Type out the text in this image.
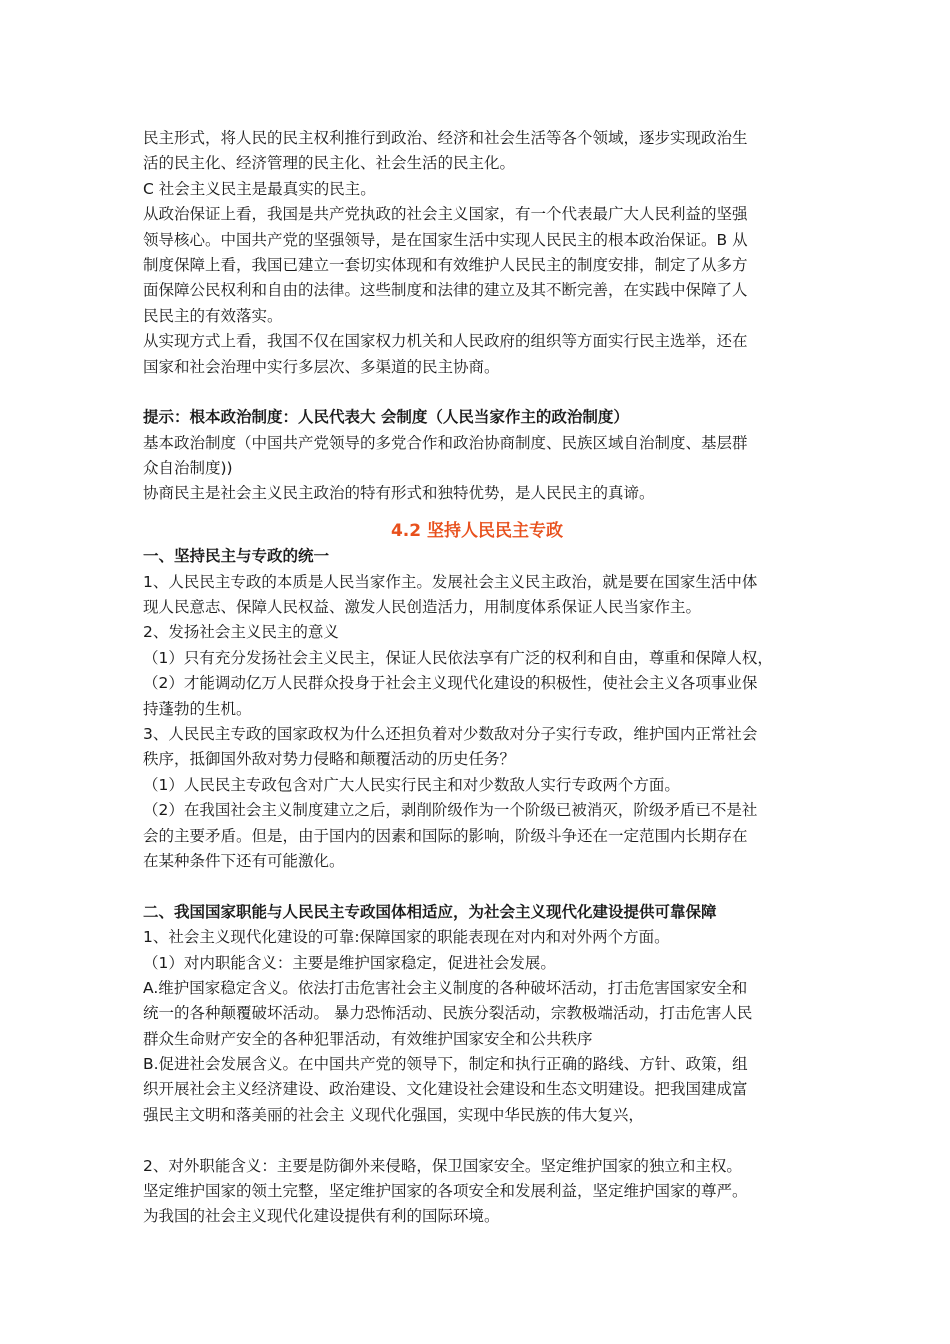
民主形式，将人民的民主权利推行到政治、经济和社会生活等各个领域，逐步实现政治生
活的民主化、经济管理的民主化、社会生活的民主化。
C 社会主义民主是最真实的民主。
从政治保证上看，我国是共产党执政的社会主义国家，有一个代表最广大人民利益的坚强
领导核心。中国共产党的坚强领导，是在国家生活中实现人民民主的根本政治保证。B 从
制度保障上看，我国已建立一套切实体现和有效维护人民民主的制度安排，制定了从多方
面保障公民权利和自由的法律。这些制度和法律的建立及其不断完善，在实践中保障了人
民民主的有效落实。
从实现方式上看，我国不仅在国家权力机关和人民政府的组织等方面实行民主选举，还在
国家和社会治理中实行多层次、多渠道的民主协商。
提示：根本政治制度：人民代表大 会制度（人民当家作主的政治制度）
基本政治制度（中国共产党领导的多党合作和政治协商制度、民族区域自治制度、基层群
众自治制度))
协商民主是社会主义民主政治的特有形式和独特优势，是人民民主的真谛。
4.2 坚持人民民主专政
一、坚持民主与专政的统一
1、人民民主专政的本质是人民当家作主。发展社会主义民主政治，就是要在国家生活中体
现人民意志、保障人民权益、激发人民创造活力，用制度体系保证人民当家作主。
2、发扬社会主义民主的意义
（1）只有充分发扬社会主义民主，保证人民依法享有广泛的权利和自由，尊重和保障人权，
（2）才能调动亿万人民群众投身于社会主义现代化建设的积极性，使社会主义各项事业保
持蓬勃的生机。
3、人民民主专政的国家政权为什么还担负着对少数敌对分子实行专政，维护国内正常社会
秩序，抵御国外敌对势力侵略和颠覆活动的历史任务？
（1）人民民主专政包含对广大人民实行民主和对少数敌人实行专政两个方面。
（2）在我国社会主义制度建立之后，剥削阶级作为一个阶级已被消灭，阶级矛盾已不是社
会的主要矛盾。但是，由于国内的因素和国际的影响，阶级斗争还在一定范围内长期存在
在某种条件下还有可能激化。
二、我国国家职能与人民民主专政国体相适应，为社会主义现代化建设提供可靠保障
1、社会主义现代化建设的可靠:保障国家的职能表现在对内和对外两个方面。
（1）对内职能含义：主要是维护国家稳定，促进社会发展。
A.维护国家稳定含义。依法打击危害社会主义制度的各种破坏活动，打击危害国家安全和
统一的各种颠覆破坏活动。 暴力恐怖活动、民族分裂活动，宗教极端活动，打击危害人民
群众生命财产安全的各种犯罪活动，有效维护国家安全和公共秩序
B.促进社会发展含义。在中国共产党的领导下，制定和执行正确的路线、方针、政策，组
织开展社会主义经济建设、政治建设、文化建设社会建设和生态文明建设。把我国建成富
强民主文明和落美丽的社会主 义现代化强国，实现中华民族的伟大复兴，
2、对外职能含义：主要是防御外来侵略，保卫国家安全。坚定维护国家的独立和主权。
坚定维护国家的领土完整，坚定维护国家的各项安全和发展利益，坚定维护国家的尊严。
为我国的社会主义现代化建设提供有利的国际环境。
